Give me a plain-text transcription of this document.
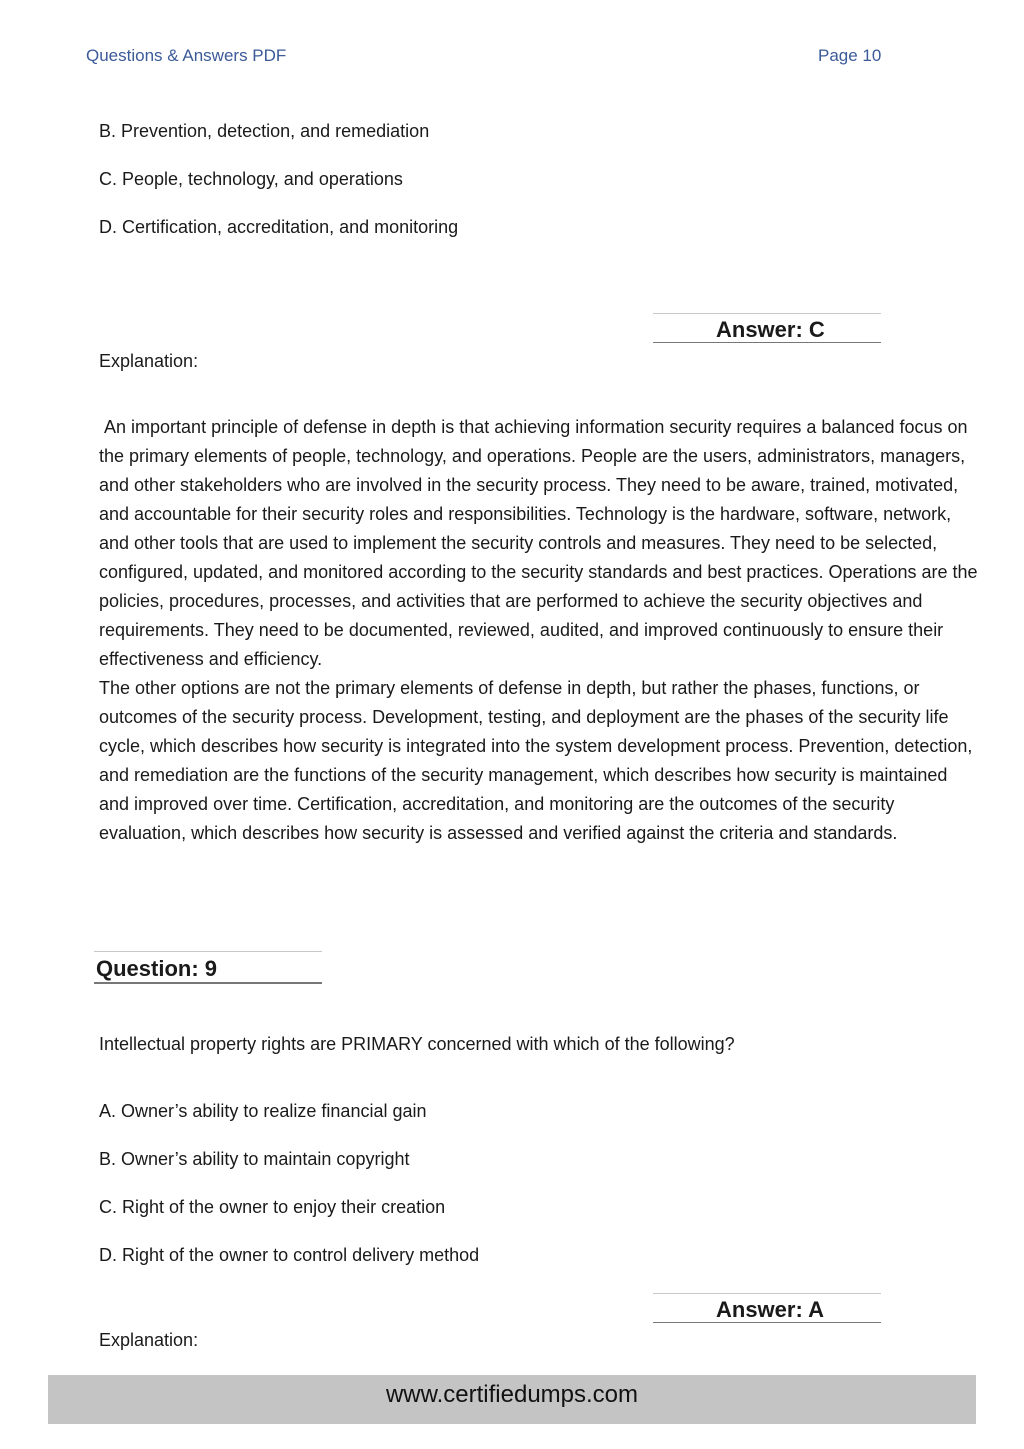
Questions & Answers PDF	Page 10
B. Prevention, detection, and remediation
C. People, technology, and operations
D. Certification, accreditation, and monitoring
Answer: C
Explanation:

An important principle of defense in depth is that achieving information security requires a balanced focus on the primary elements of people, technology, and operations. People are the users, administrators, managers, and other stakeholders who are involved in the security process. They need to be aware, trained, motivated, and accountable for their security roles and responsibilities. Technology is the hardware, software, network, and other tools that are used to implement the security controls and measures. They need to be selected, configured, updated, and monitored according to the security standards and best practices. Operations are the policies, procedures, processes, and activities that are performed to achieve the security objectives and requirements. They need to be documented, reviewed, audited, and improved continuously to ensure their effectiveness and efficiency.

The other options are not the primary elements of defense in depth, but rather the phases, functions, or outcomes of the security process. Development, testing, and deployment are the phases of the security life cycle, which describes how security is integrated into the system development process. Prevention, detection, and remediation are the functions of the security management, which describes how security is maintained and improved over time. Certification, accreditation, and monitoring are the outcomes of the security evaluation, which describes how security is assessed and verified against the criteria and standards.

Question: 9
Intellectual property rights are PRIMARY concerned with which of the following?
A. Owner’s ability to realize financial gain
B. Owner’s ability to maintain copyright
C. Right of the owner to enjoy their creation
D. Right of the owner to control delivery method
Answer: A
Explanation:
www.certifiedumps.com
